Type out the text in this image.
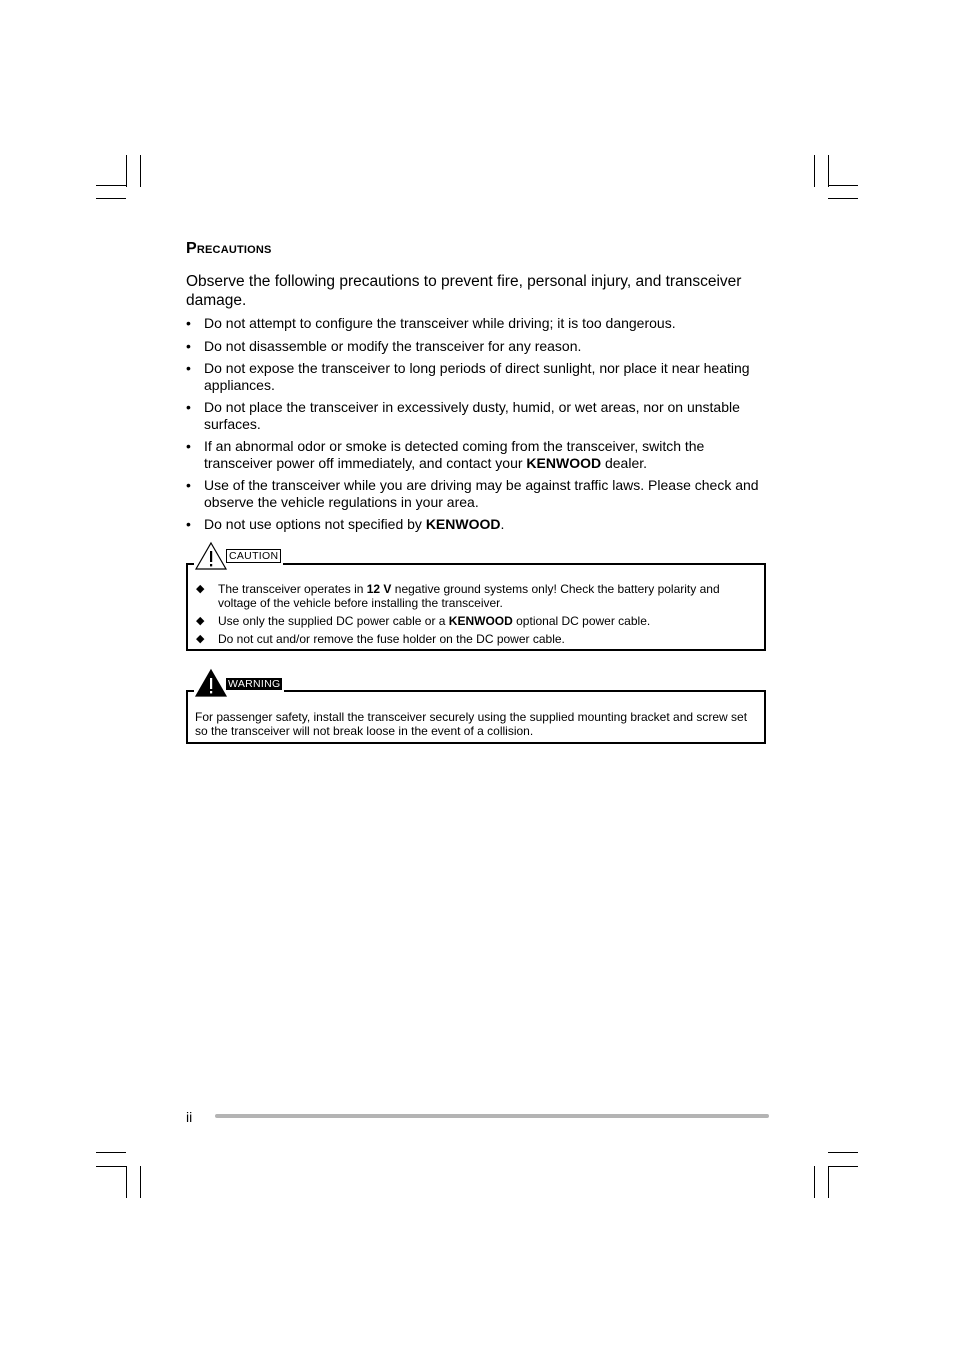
Precautions
Observe the following precautions to prevent fire, personal injury, and transceiver damage.
• Do not attempt to configure the transceiver while driving; it is too dangerous.
• Do not disassemble or modify the transceiver for any reason.
• Do not expose the transceiver to long periods of direct sunlight, nor place it near heating appliances.
• Do not place the transceiver in excessively dusty, humid, or wet areas, nor on unstable surfaces.
• If an abnormal odor or smoke is detected coming from the transceiver, switch the transceiver power off immediately, and contact your KENWOOD dealer.
• Use of the transceiver while you are driving may be against traffic laws. Please check and observe the vehicle regulations in your area.
• Do not use options not specified by KENWOOD.
CAUTION
◆ The transceiver operates in 12 V negative ground systems only! Check the battery polarity and voltage of the vehicle before installing the transceiver.
◆ Use only the supplied DC power cable or a KENWOOD optional DC power cable.
◆ Do not cut and/or remove the fuse holder on the DC power cable.
WARNING
For passenger safety, install the transceiver securely using the supplied mounting bracket and screw set so the transceiver will not break loose in the event of a collision.
ii
